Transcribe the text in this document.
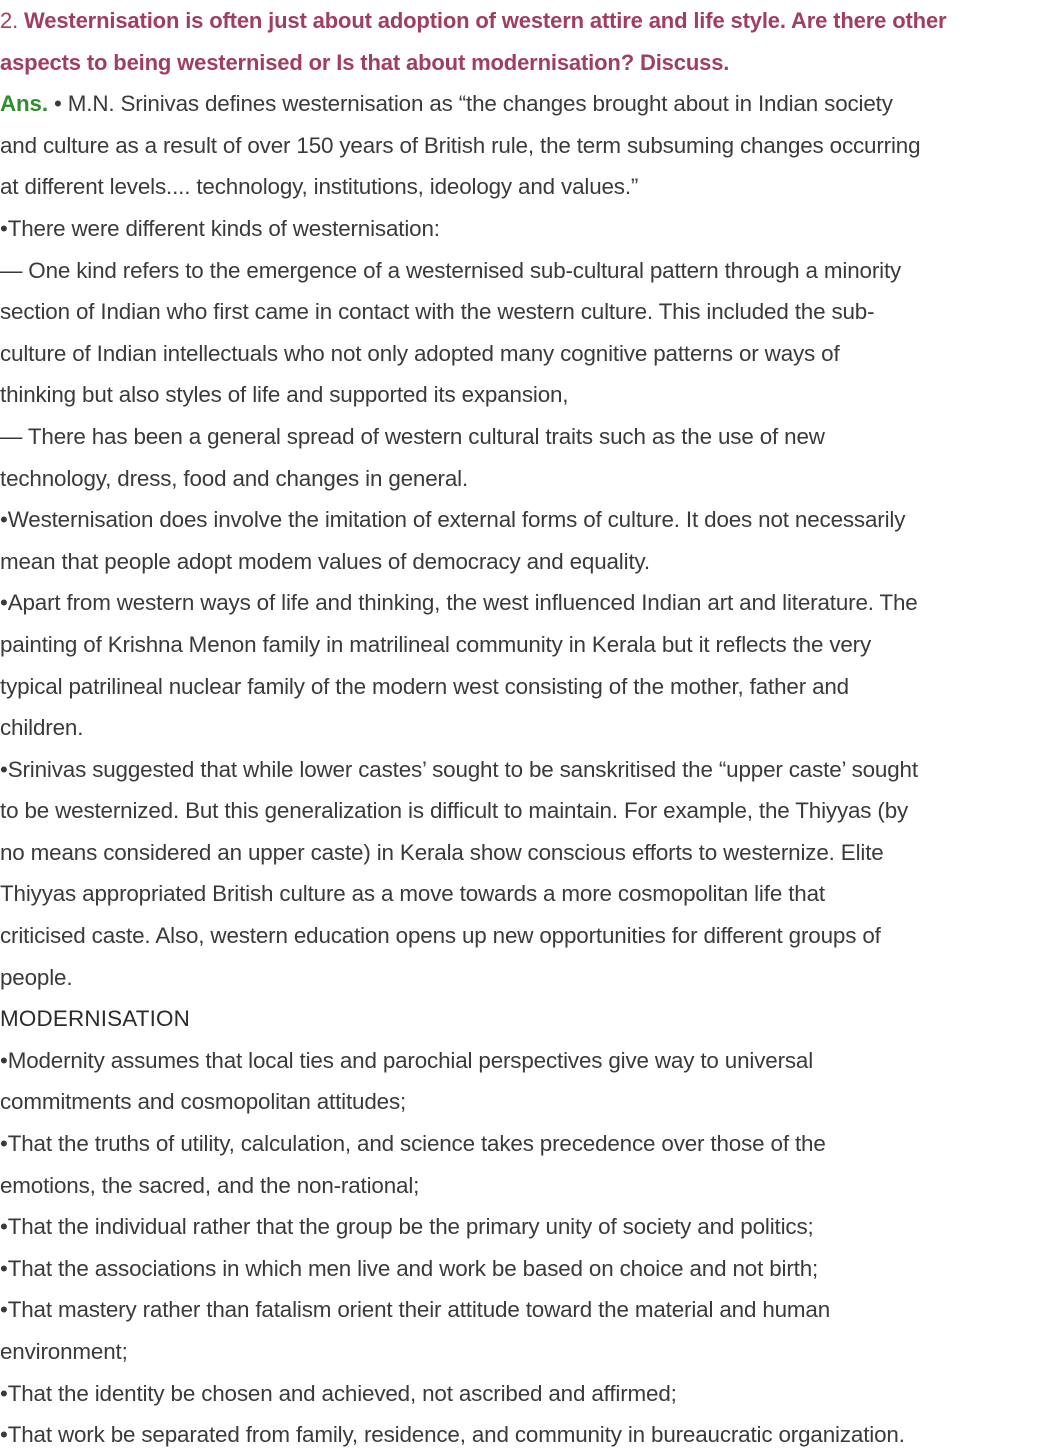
2. Westernisation is often just about adoption of western attire and life style. Are there other

aspects to being westernised or Is that about modernisation? Discuss.

Ans. • M.N. Srinivas defines westernisation as “the changes brought about in Indian society

and culture as a result of over 150 years of British rule, the term subsuming changes occurring

at different levels.... technology, institutions, ideology and values.”

•There were different kinds of westernisation:

— One kind refers to the emergence of a westernised sub-cultural pattern through a minority

section of Indian who first came in contact with the western culture. This included the sub-

culture of Indian intellectuals who not only adopted many cognitive patterns or ways of

thinking but also styles of life and supported its expansion,

— There has been a general spread of western cultural traits such as the use of new

technology, dress, food and changes in general.

•Westernisation does involve the imitation of external forms of culture. It does not necessarily

mean that people adopt modem values of democracy and equality.

•Apart from western ways of life and thinking, the west influenced Indian art and literature. The

painting of Krishna Menon family in matrilineal community in Kerala but it reflects the very

typical patrilineal nuclear family of the modern west consisting of the mother, father and

children.

•Srinivas suggested that while lower castes’ sought to be sanskritised the “upper caste’ sought

to be westernized. But this generalization is difficult to maintain. For example, the Thiyyas (by

no means considered an upper caste) in Kerala show conscious efforts to westernize. Elite

Thiyyas appropriated British culture as a move towards a more cosmopolitan life that

criticised caste. Also, western education opens up new opportunities for different groups of

people.

MODERNISATION

•Modernity assumes that local ties and parochial perspectives give way to universal

commitments and cosmopolitan attitudes;

•That the truths of utility, calculation, and science takes precedence over those of the

emotions, the sacred, and the non-rational;

•That the individual rather that the group be the primary unity of society and politics;

•That the associations in which men live and work be based on choice and not birth;

•That mastery rather than fatalism orient their attitude toward the material and human

environment;

•That the identity be chosen and achieved, not ascribed and affirmed;

•That work be separated from family, residence, and community in bureaucratic organization.
